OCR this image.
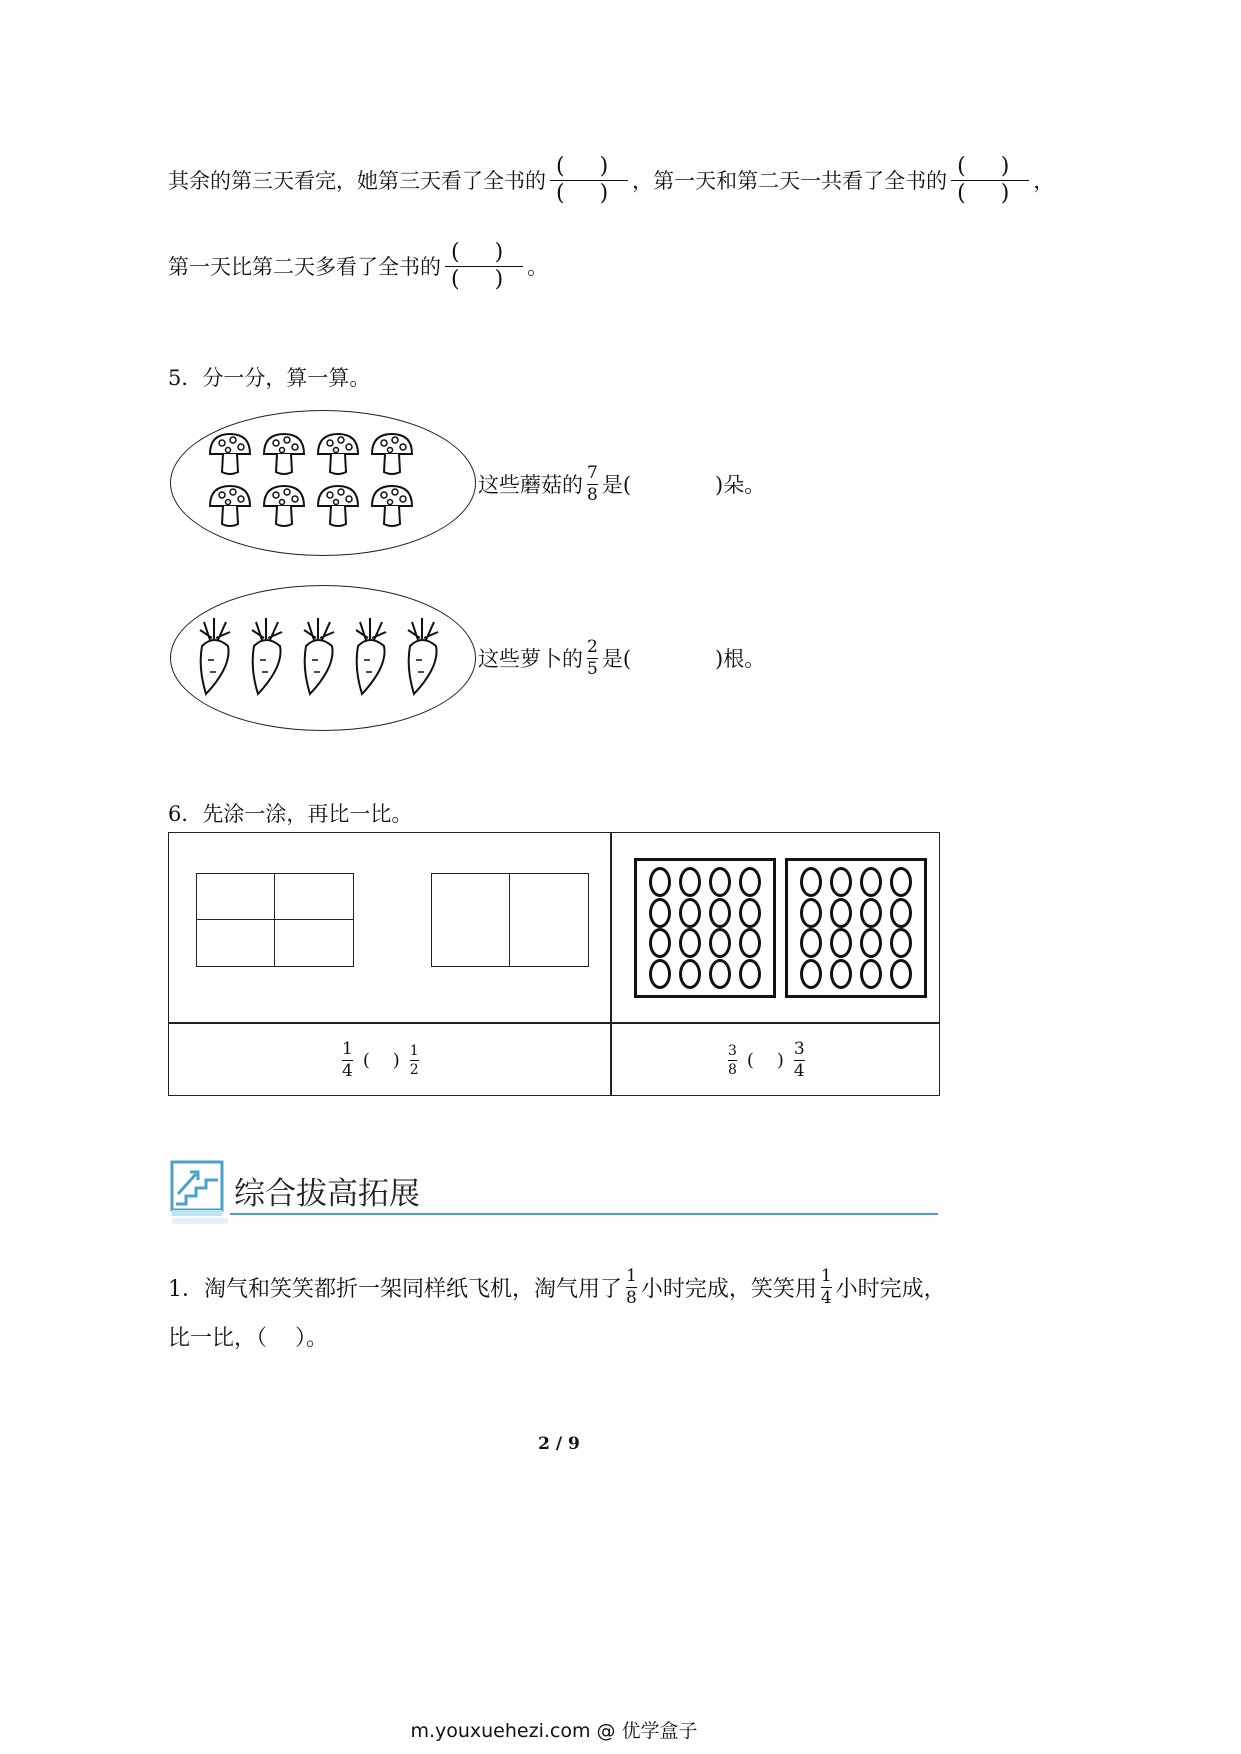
其余的第三天看完，她第三天看了全书的 $\frac{( )}{( )}$ ，第一天和第二天一共看了全书的 $\frac{( )}{( )}$ ，
第一天比第二天多看了全书的 $\frac{( )}{( )}$ 。
5．分一分，算一算。
这些蘑菇的 $\frac{7}{8}$ 是(	)朵。
这些萝卜的 $\frac{2}{5}$ 是(	)根。
6．先涂一涂，再比一比。
$\frac{1}{4}$ (    ) $\frac{1}{2}$	$\frac{3}{8}$ (    ) $\frac{3}{4}$
综合拔高拓展
1．淘气和笑笑都折一架同样纸飞机，淘气用了 $\frac{1}{8}$ 小时完成，笑笑用 $\frac{1}{4}$ 小时完成，
比一比，（    ）。
2 / 9
m.youxuehezi.com @ 优学盒子
